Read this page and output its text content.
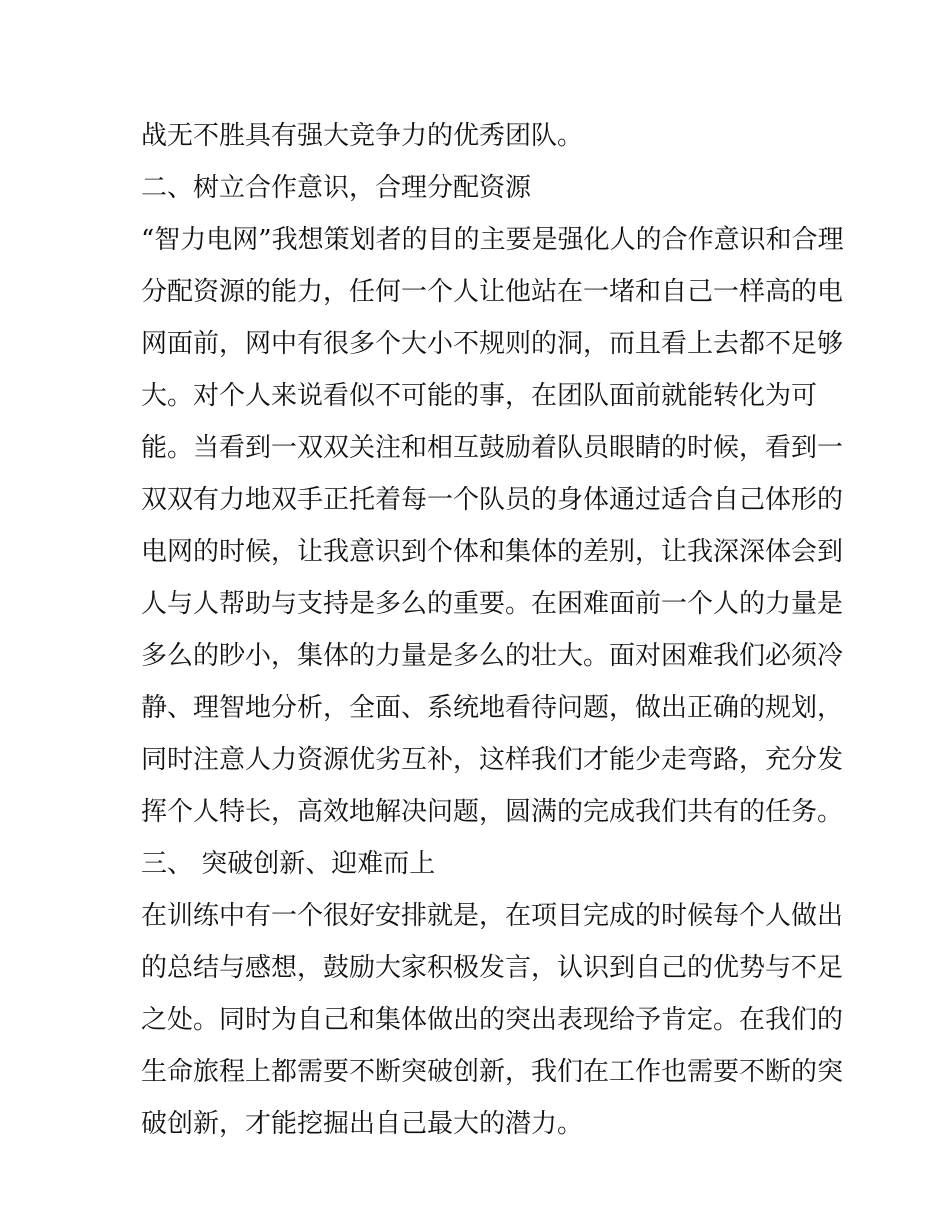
战无不胜具有强大竞争力的优秀团队。
二、树立合作意识，合理分配资源
“智力电网”我想策划者的目的主要是强化人的合作意识和合理
分配资源的能力，任何一个人让他站在一堵和自己一样高的电
网面前，网中有很多个大小不规则的洞，而且看上去都不足够
大。对个人来说看似不可能的事，在团队面前就能转化为可
能。当看到一双双关注和相互鼓励着队员眼睛的时候，看到一
双双有力地双手正托着每一个队员的身体通过适合自己体形的
电网的时候，让我意识到个体和集体的差别，让我深深体会到
人与人帮助与支持是多么的重要。在困难面前一个人的力量是
多么的眇小，集体的力量是多么的壮大。面对困难我们必须冷
静、理智地分析，全面、系统地看待问题，做出正确的规划，
同时注意人力资源优劣互补，这样我们才能少走弯路，充分发
挥个人特长，高效地解决问题，圆满的完成我们共有的任务。
三、 突破创新、迎难而上
在训练中有一个很好安排就是，在项目完成的时候每个人做出
的总结与感想，鼓励大家积极发言，认识到自己的优势与不足
之处。同时为自己和集体做出的突出表现给予肯定。在我们的
生命旅程上都需要不断突破创新，我们在工作也需要不断的突
破创新，才能挖掘出自己最大的潜力。
